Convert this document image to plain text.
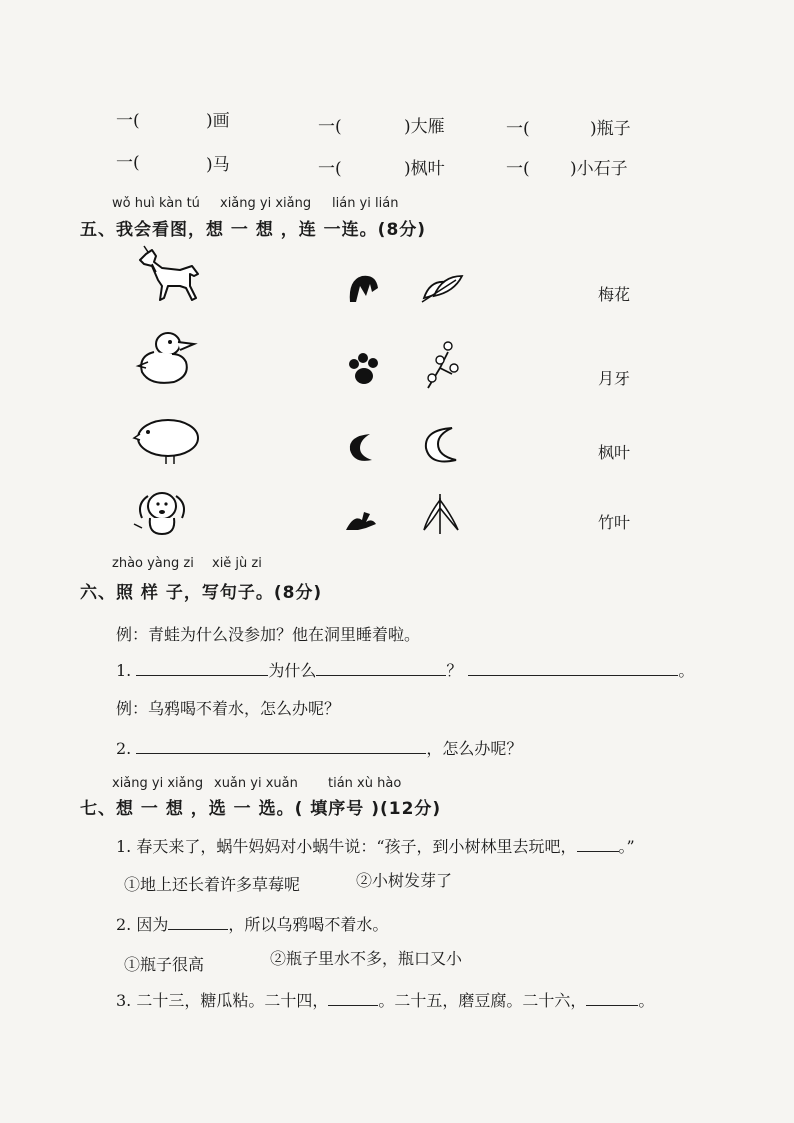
一(	)画	一(	)大雁	一(	)瓶子
一(	)马	一(	)枫叶	一( )小石子
wǒ huì kàn tú xiǎng yi xiǎng lián yi lián
五、我会看图，想 一 想 ，连 一连。(8分)
梅花
月牙
枫叶
竹叶
zhào yàng zi xiě jù zi
六、照 样 子，写句子。(8分)
例：青蛙为什么没参加？他在洞里睡着啦。
1.	为什么	？	。
例：乌鸦喝不着水，怎么办呢？
2.	，怎么办呢？
xiǎng yi xiǎng xuǎn yi xuǎn tián xù hào
七、想 一 想 ，选 一 选。( 填序号 )(12分)
1. 春天来了，蜗牛妈妈对小蜗牛说：“孩子，到小树林里去玩吧，	。”
①地上还长着许多草莓呢	②小树发芽了
2. 因为	，所以乌鸦喝不着水。
①瓶子很高	②瓶子里水不多，瓶口又小
3. 二十三，糖瓜粘。二十四，	。二十五，磨豆腐。二十六，	。
